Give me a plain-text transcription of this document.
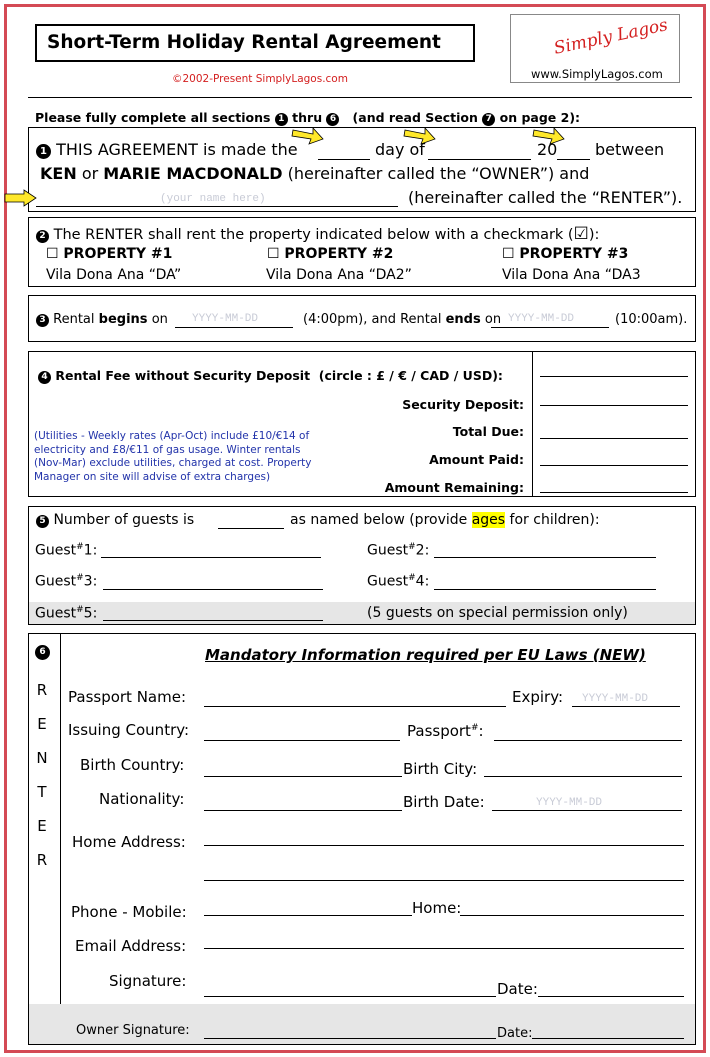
Short-Term Holiday Rental Agreement
©2002-Present SimplyLagos.com
Simply Lagos
www.SimplyLagos.com
Please fully complete all sections 1 thru 6 (and read Section 7 on page 2):
1 THIS AGREEMENT is made the	day of	20 between
KEN or MARIE MACDONALD (hereinafter called the “OWNER”) and
(your name here)	(hereinafter called the “RENTER”).
2 The RENTER shall rent the property indicated below with a checkmark (☑):
☐ PROPERTY #1
Vila Dona Ana “DA”
☐ PROPERTY #2
Vila Dona Ana “DA2”
☐ PROPERTY #3
Vila Dona Ana “DA3
3 Rental begins on YYYY-MM-DD	(4:00pm), and Rental ends on YYYY-MM-DD	(10:00am).
4 Rental Fee without Security Deposit (circle : £ / € / CAD / USD):
Security Deposit:
Total Due:
Amount Paid:
Amount Remaining:
(Utilities - Weekly rates (Apr-Oct) include £10/€14 of
electricity and £8/€11 of gas usage. Winter rentals
(Nov-Mar) exclude utilities, charged at cost. Property
Manager on site will advise of extra charges)
5 Number of guests is	as named below (provide ages for children):
Guest#1:	Guest#2:
Guest#3:	Guest#4:
Guest#5:	(5 guests on special permission only)
6
R
E
N
T
E
R
Mandatory Information required per EU Laws (NEW)
Passport Name:	Expiry: YYYY-MM-DD
Issuing Country:	Passport#:
Birth Country:	Birth City:
Nationality:	Birth Date:	YYYY-MM-DD
Home Address:
Phone - Mobile:	Home:
Email Address:
Signature:	Date:
Owner Signature:	Date:
